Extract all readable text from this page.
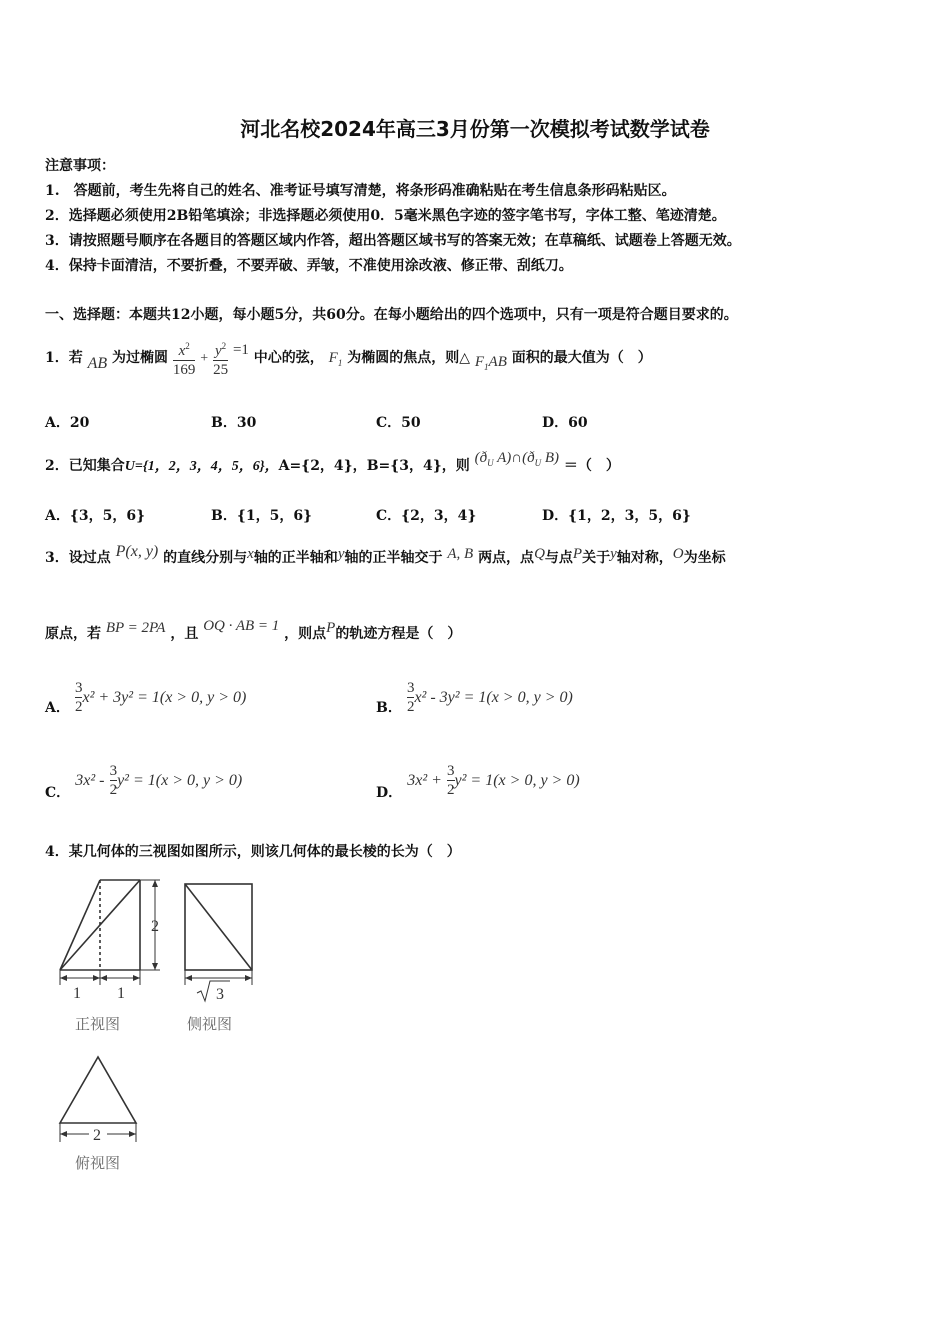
河北名校2024年高三3月份第一次模拟考试数学试卷
注意事项：
1.　答题前，考生先将自己的姓名、准考证号填写清楚，将条形码准确粘贴在考生信息条形码粘贴区。
2．选择题必须使用2B铅笔填涂；非选择题必须使用0．5毫米黑色字迹的签字笔书写，字体工整、笔迹清楚。
3．请按照题号顺序在各题目的答题区域内作答，超出答题区域书写的答案无效；在草稿纸、试题卷上答题无效。
4．保持卡面清洁，不要折叠，不要弄破、弄皱，不准使用涂改液、修正带、刮纸刀。
一、选择题：本题共12小题，每小题5分，共60分。在每小题给出的四个选项中，只有一项是符合题目要求的。
1．若 AB 为过椭圆 $\frac{x^2}{169} + \frac{y^2}{25} =1$ 中心的弦， $F_1$ 为椭圆的焦点，则△ $F_1AB$ 面积的最大值为（　）
A．20	B．30	C．50	D．60
2．已知集合U={1，2，3，4，5，6}，A={2，4}，B={3，4}，则 ($ð_U$ $A)\cap(ð_U$ B) ＝（　）
A．{3，5，6}	B．{1，5，6}	C．{2，3，4}	D．{1，2，3，5，6}
3．设过点 P(x, y) 的直线分别与x轴的正半轴和y轴的正半轴交于 A, B 两点，点Q与点P关于y轴对称，O为坐标
原点，若 BP = 2PA ，且 OQ · AB = 1 ，则点P的轨迹方程是（　）
A． $\frac{3}{2} x^2 + 3y^2 = 1(x > 0$, y > 0)
B． $\frac{3}{2} x^2 - 3y^2 = 1(x > 0$, y > 0)
C． $3x^2 - \frac{3}{2} y^2 = 1(x > 0$, y > 0)
D． $3x^2 + \frac{3}{2} y^2 = 1(x > 0$, y > 0)
4．某几何体的三视图如图所示，则该几何体的最长棱的长为（　）
2
1 1
正视图
3
侧视图
2
俯视图
